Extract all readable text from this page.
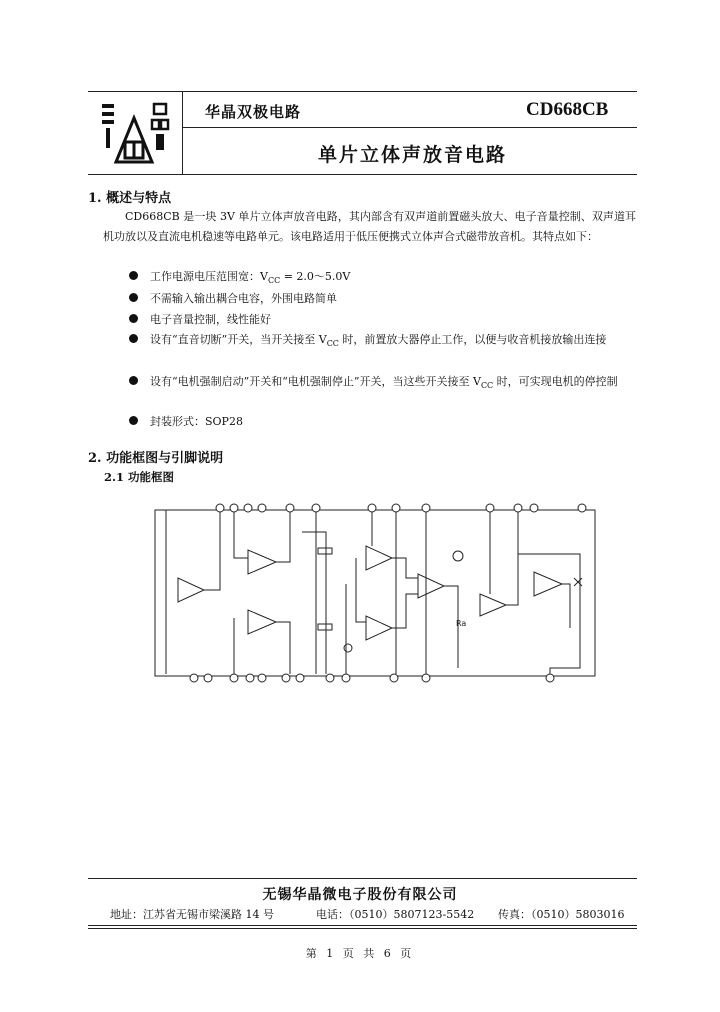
华晶双极电路	CD668CB
单片立体声放音电路
1. 概述与特点
CD668CB 是一块 3V 单片立体声放音电路，其内部含有双声道前置磁头放大、电子音量控制、双声道耳机功放以及直流电机稳速等电路单元。该电路适用于低压便携式立体声合式磁带放音机。其特点如下：
工作电源电压范围宽：$V_{CC}$ = 2.0～5.0V
不需输入输出耦合电容，外围电路简单
电子音量控制，线性能好
设有“直音切断”开关，当开关接至 $V_{CC}$ 时，前置放大器停止工作，以便与收音机接放输出连接
设有“电机强制启动”开关和“电机强制停止”开关，当这些开关接至 $V_{CC}$ 时，可实现电机的停控制
封装形式：SOP28
2. 功能框图与引脚说明
2.1 功能框图
Ra
无锡华晶微电子股份有限公司
地址：江苏省无锡市梁溪路 14 号	电话：（0510）5807123-5542 传真：（0510）5803016
第 1 页 共 6 页
